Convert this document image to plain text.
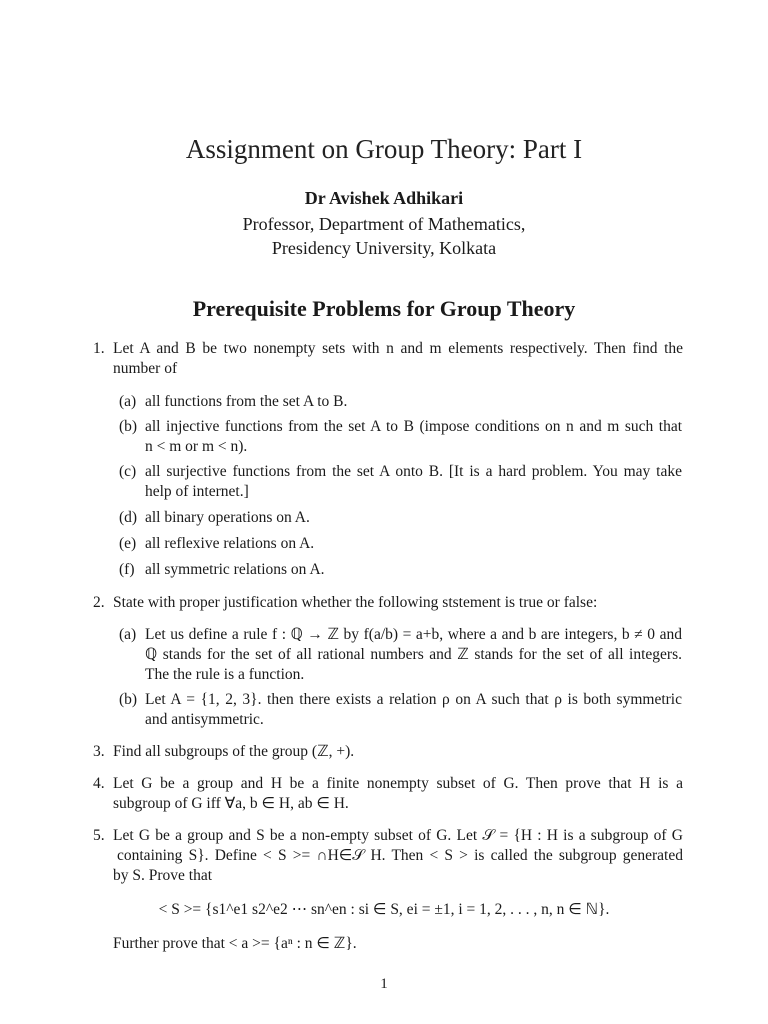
Assignment on Group Theory: Part I
Dr Avishek Adhikari
Professor, Department of Mathematics,
Presidency University, Kolkata
Prerequisite Problems for Group Theory
1. Let A and B be two nonempty sets with n and m elements respectively. Then find the
number of
(a) all functions from the set A to B.
(b) all injective functions from the set A to B (impose conditions on n and m such that
n < m or m < n).
(c) all surjective functions from the set A onto B. [It is a hard problem. You may take
help of internet.]
(d) all binary operations on A.
(e) all reflexive relations on A.
(f) all symmetric relations on A.
2. State with proper justification whether the following ststement is true or false:
(a) Let us define a rule f : ℚ → ℤ by f(a/b) = a+b, where a and b are integers, b ≠ 0 and
ℚ stands for the set of all rational numbers and ℤ stands for the set of all integers.
The the rule is a function.
(b) Let A = {1, 2, 3}. then there exists a relation ρ on A such that ρ is both symmetric
and antisymmetric.
3. Find all subgroups of the group (ℤ, +).
4. Let G be a group and H be a finite nonempty subset of G. Then prove that H is a
subgroup of G iff ∀a, b ∈ H, ab ∈ H.
5. Let G be a group and S be a non-empty subset of G. Let 𝒮 = {H : H is a subgroup of G
containing S}. Define < S >= ∩H∈𝒮 H. Then < S > is called the subgroup generated
by S. Prove that
< S >= {s1^e1 s2^e2 ⋯ sn^en : si ∈ S, ei = ±1, i = 1, 2, . . . , n, n ∈ ℕ}.
Further prove that < a >= {aⁿ : n ∈ ℤ}.
1
